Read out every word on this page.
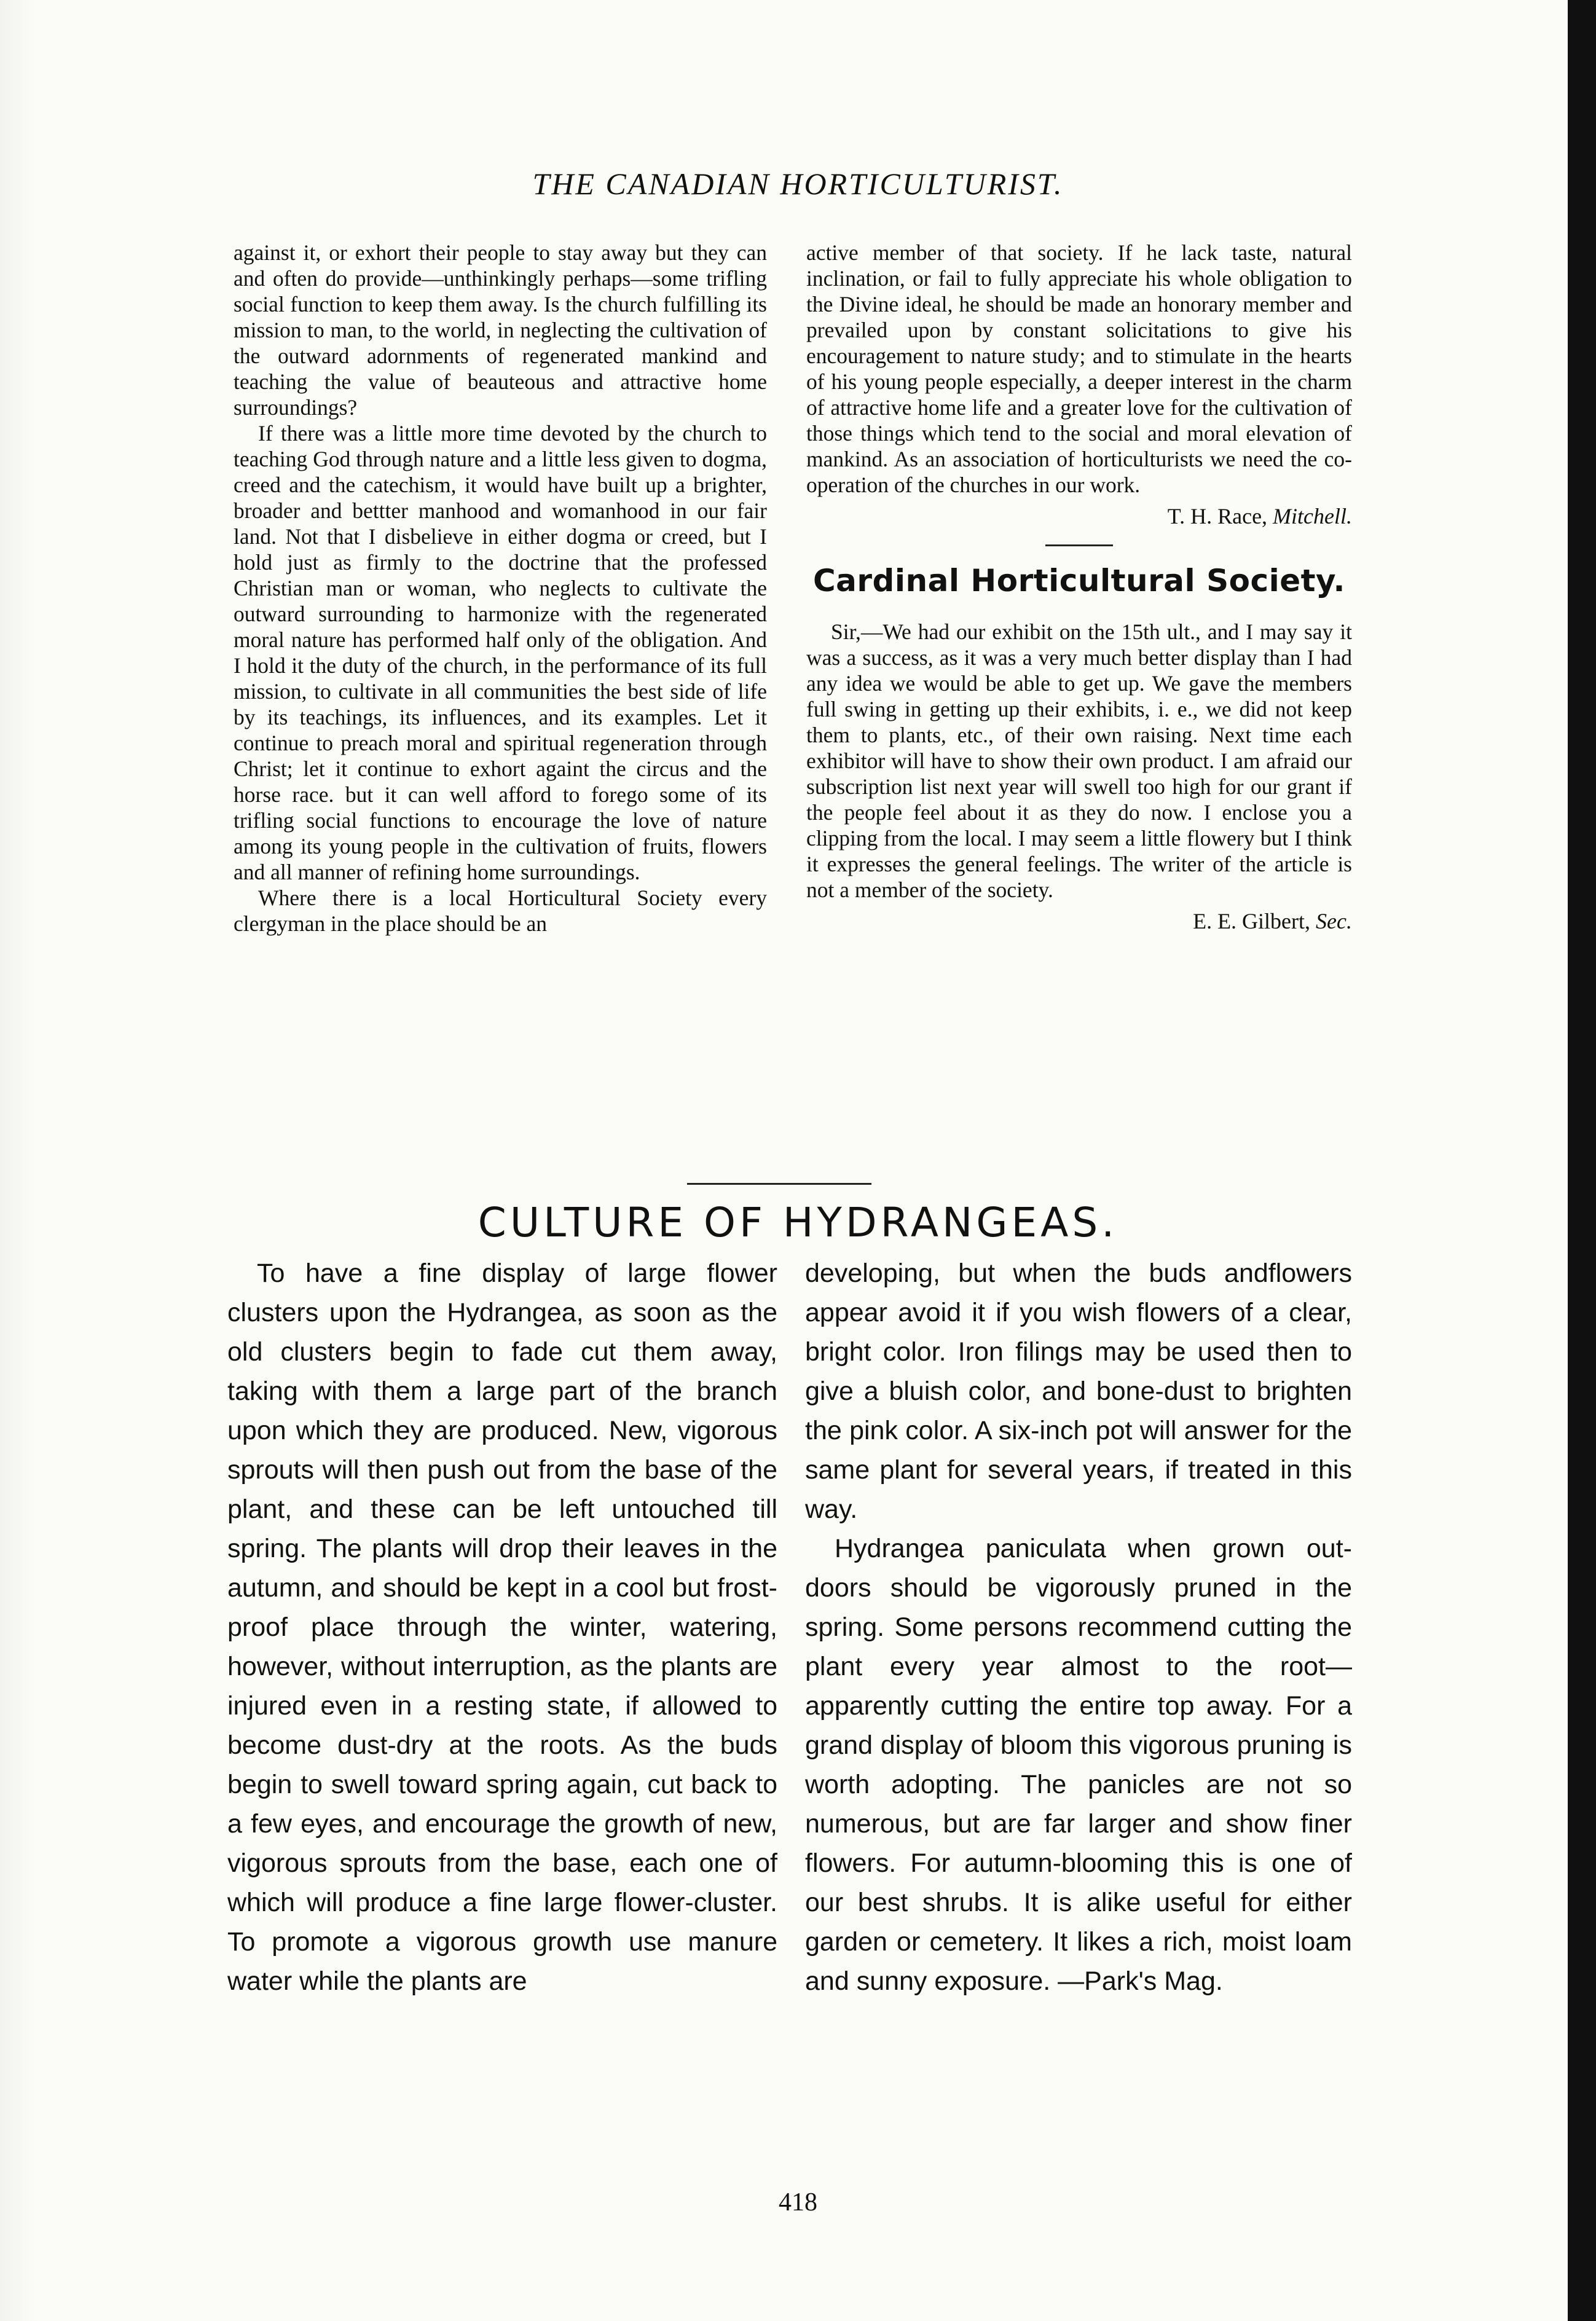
THE CANADIAN HORTICULTURIST.

against it, or exhort their people to stay away but they can and often do provide—unthinkingly perhaps—some trifling social function to keep them away. Is the church fulfilling its mission to man, to the world, in neglecting the cultivation of the outward adornments of regenerated mankind and teaching the value of beauteous and attractive home surroundings?

If there was a little more time devoted by the church to teaching God through nature and a little less given to dogma, creed and the catechism, it would have built up a brighter, broader and bettter manhood and womanhood in our fair land. Not that I disbelieve in either dogma or creed, but I hold just as firmly to the doctrine that the professed Christian man or woman, who neglects to cultivate the outward surrounding to harmonize with the regenerated moral nature has performed half only of the obligation. And I hold it the duty of the church, in the performance of its full mission, to cultivate in all communities the best side of life by its teachings, its influences, and its examples. Let it continue to preach moral and spiritual regeneration through Christ; let it continue to exhort againt the circus and the horse race. but it can well afford to forego some of its trifling social functions to encourage the love of nature among its young people in the cultivation of fruits, flowers and all manner of refining home surroundings.

Where there is a local Horticultural Society every clergyman in the place should be an

active member of that society. If he lack taste, natural inclination, or fail to fully appreciate his whole obligation to the Divine ideal, he should be made an honorary member and prevailed upon by constant solicitations to give his encouragement to nature study; and to stimulate in the hearts of his young people especially, a deeper interest in the charm of attractive home life and a greater love for the cultivation of those things which tend to the social and moral elevation of mankind. As an association of horticulturists we need the co-operation of the churches in our work.

T. H. Race, Mitchell.
Cardinal Horticultural Society.

Sir,—We had our exhibit on the 15th ult., and I may say it was a success, as it was a very much better display than I had any idea we would be able to get up. We gave the members full swing in getting up their exhibits, i. e., we did not keep them to plants, etc., of their own raising. Next time each exhibitor will have to show their own product. I am afraid our subscription list next year will swell too high for our grant if the people feel about it as they do now. I enclose you a clipping from the local. I may seem a little flowery but I think it expresses the general feelings. The writer of the article is not a member of the society.

E. E. Gilbert, Sec.
CULTURE OF HYDRANGEAS.

To have a fine display of large flower clusters upon the Hydrangea, as soon as the old clusters begin to fade cut them away, taking with them a large part of the branch upon which they are produced. New, vigorous sprouts will then push out from the base of the plant, and these can be left untouched till spring. The plants will drop their leaves in the autumn, and should be kept in a cool but frost-proof place through the winter, watering, however, without interruption, as the plants are injured even in a resting state, if allowed to become dust-dry at the roots. As the buds begin to swell toward spring again, cut back to a few eyes, and encourage the growth of new, vigorous sprouts from the base, each one of which will produce a fine large flower-cluster. To promote a vigorous growth use manure water while the plants are

developing, but when the buds andflowers appear avoid it if you wish flowers of a clear, bright color. Iron filings may be used then to give a bluish color, and bone-dust to brighten the pink color. A six-inch pot will answer for the same plant for several years, if treated in this way.

Hydrangea paniculata when grown out-doors should be vigorously pruned in the spring. Some persons recommend cutting the plant every year almost to the root—apparently cutting the entire top away. For a grand display of bloom this vigorous pruning is worth adopting. The panicles are not so numerous, but are far larger and show finer flowers. For autumn-blooming this is one of our best shrubs. It is alike useful for either garden or cemetery. It likes a rich, moist loam and sunny exposure. —Park's Mag.

418
